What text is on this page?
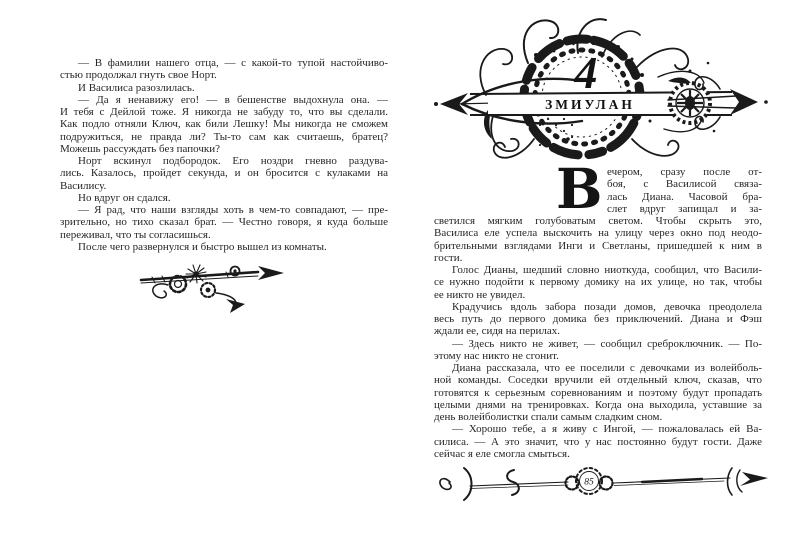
— В фамилии нашего отца, — с какой-то тупой настойчиво-
стью продолжал гнуть свое Норт.
И Василиса разозлилась.
— Да я ненавижу его! — в бешенстве выдохнула она. —
И тебя с Дейлой тоже. Я никогда не забуду то, что вы сделали.
Как подло отняли Ключ, как били Лешку! Мы никогда не сможем
подружиться, не правда ли? Ты-то сам как считаешь, братец?
Можешь рассуждать без папочки?
Норт вскинул подбородок. Его ноздри гневно раздува-
лись. Казалось, пройдет секунда, и он бросится с кулаками на
Василису.
Но вдруг он сдался.
— Я рад, что наши взгляды хоть в чем-то совпадают, — пре-
зрительно, но тихо сказал брат. — Честно говоря, я куда больше
переживал, что ты согласишься.
После чего развернулся и быстро вышел из комнаты.
4
ЗМИУЛАН
В ечером, сразу после от-
боя, с Василисой связа-
лась Диана. Часовой бра-
слет вдруг запищал и за-
светился мягким голубоватым светом. Чтобы скрыть это,
Василиса еле успела выскочить на улицу через окно под неодо-
брительными взглядами Инги и Светланы, пришедшей к ним в
гости.
Голос Дианы, шедший словно ниоткуда, сообщил, что Васили-
се нужно подойти к первому домику на их улице, но так, чтобы
ее никто не увидел.
Крадучись вдоль забора позади домов, девочка преодолела
весь путь до первого домика без приключений. Диана и Фэш
ждали ее, сидя на перилах.
— Здесь никто не живет, — сообщил среброключник. — По-
этому нас никто не сгонит.
Диана рассказала, что ее поселили с девочками из волейболь-
ной команды. Соседки вручили ей отдельный ключ, сказав, что
готовятся к серьезным соревнованиям и поэтому будут пропадать
целыми днями на тренировках. Когда она выходила, уставшие за
день волейболистки спали самым сладким сном.
— Хорошо тебе, а я живу с Ингой, — пожаловалась ей Ва-
силиса. — А это значит, что у нас постоянно будут гости. Даже
сейчас я еле смогла смыться.
85
